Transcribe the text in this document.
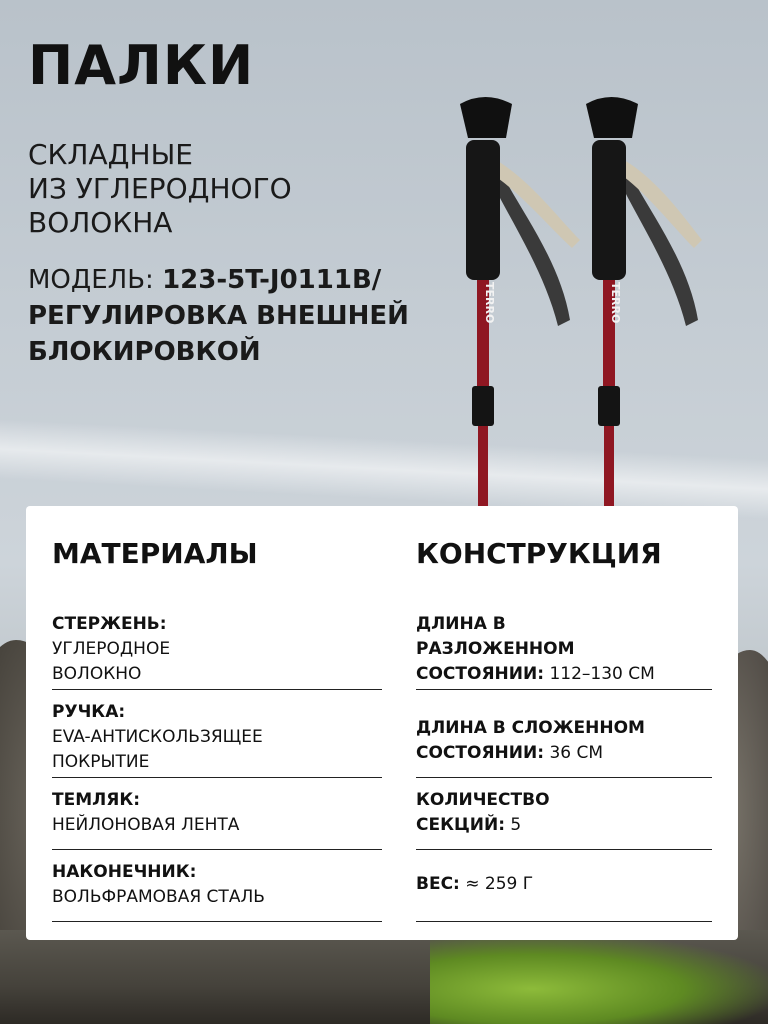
ПАЛКИ

СКЛАДНЫЕ
ИЗ УГЛЕРОДНОГО
ВОЛОКНА

МОДЕЛЬ: 123-5T-J0111B/
РЕГУЛИРОВКА ВНЕШНЕЙ
БЛОКИРОВКОЙ

TERRO	TERRO
МАТЕРИАЛЫ
СТЕРЖЕНЬ:
УГЛЕРОДНОЕ
ВОЛОКНО
РУЧКА:
EVA-АНТИСКОЛЬЗЯЩЕЕ
ПОКРЫТИЕ
ТЕМЛЯК:
НЕЙЛОНОВАЯ ЛЕНТА
НАКОНЕЧНИК:
ВОЛЬФРАМОВАЯ СТАЛЬ
КОНСТРУКЦИЯ
ДЛИНА В
РАЗЛОЖЕННОМ
СОСТОЯНИИ: 112–130 СМ
ДЛИНА В СЛОЖЕННОМ
СОСТОЯНИИ: 36 СМ
КОЛИЧЕСТВО
СЕКЦИЙ: 5
ВЕС: ≈ 259 Г
